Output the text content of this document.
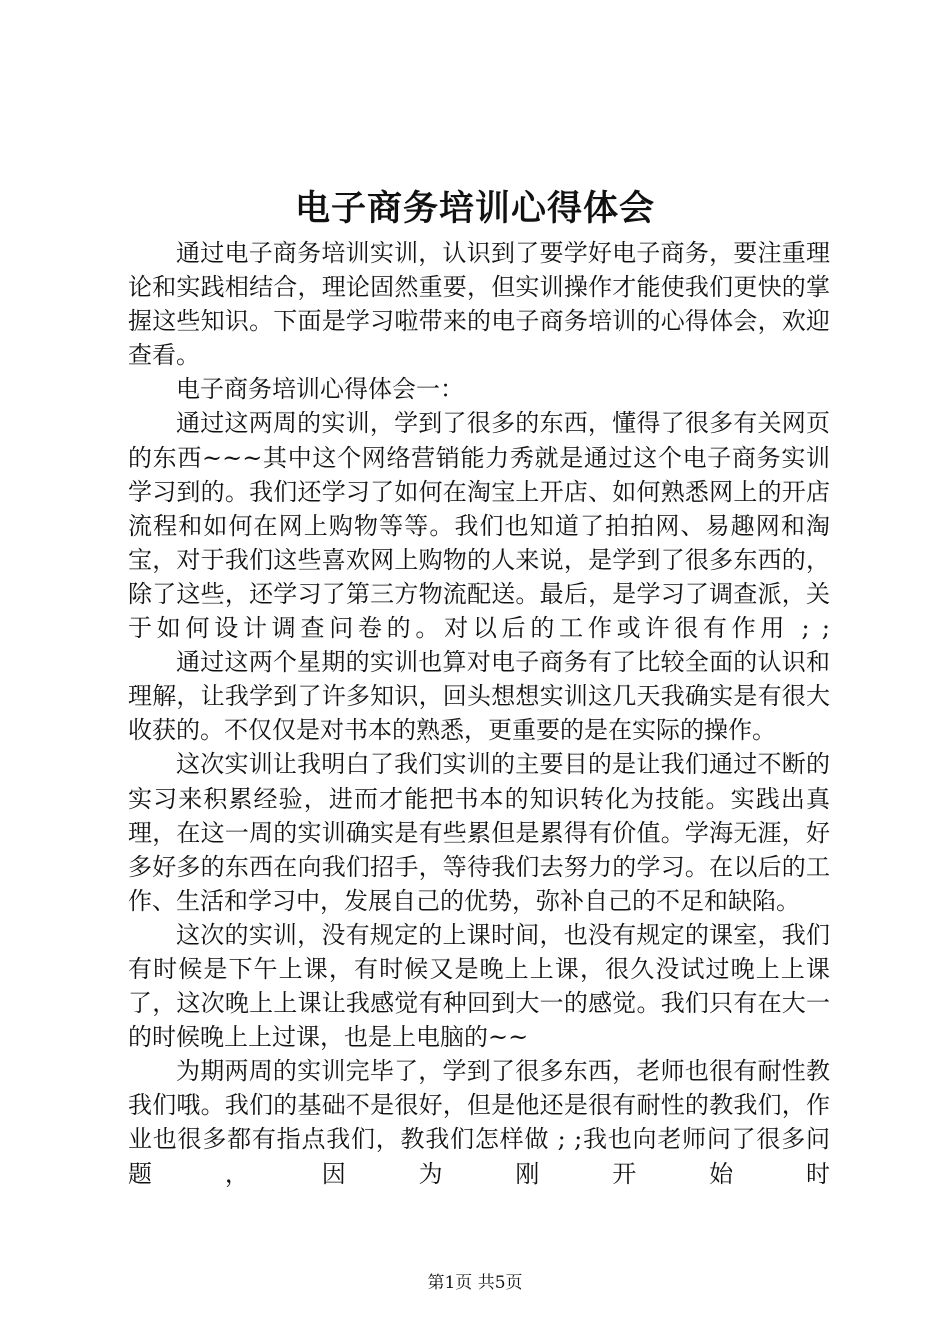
电子商务培训心得体会

通过电子商务培训实训，认识到了要学好电子商务，要注重理论和实践相结合，理论固然重要，但实训操作才能使我们更快的掌握这些知识。下面是学习啦带来的电子商务培训的心得体会，欢迎查看。

电子商务培训心得体会一：

通过这两周的实训，学到了很多的东西，懂得了很多有关网页的东西~~~其中这个网络营销能力秀就是通过这个电子商务实训学习到的。我们还学习了如何在淘宝上开店、如何熟悉网上的开店流程和如何在网上购物等等。我们也知道了拍拍网、易趣网和淘宝，对于我们这些喜欢网上购物的人来说，是学到了很多东西的，除了这些，还学习了第三方物流配送。最后，是学习了调查派，关于如何设计调查问卷的。对以后的工作或许很有作用 ; ;

通过这两个星期的实训也算对电子商务有了比较全面的认识和理解，让我学到了许多知识，回头想想实训这几天我确实是有很大收获的。不仅仅是对书本的熟悉，更重要的是在实际的操作。

这次实训让我明白了我们实训的主要目的是让我们通过不断的实习来积累经验，进而才能把书本的知识转化为技能。实践出真理，在这一周的实训确实是有些累但是累得有价值。学海无涯，好多好多的东西在向我们招手，等待我们去努力的学习。在以后的工作、生活和学习中，发展自己的优势，弥补自己的不足和缺陷。

这次的实训，没有规定的上课时间，也没有规定的课室，我们有时候是下午上课，有时候又是晚上上课，很久没试过晚上上课了，这次晚上上课让我感觉有种回到大一的感觉。我们只有在大一的时候晚上上过课，也是上电脑的~~

为期两周的实训完毕了，学到了很多东西，老师也很有耐性教我们哦。我们的基础不是很好，但是他还是很有耐性的教我们，作业也很多都有指点我们，教我们怎样做 ; ;我也向老师问了很多问题，因为刚开始时

第1页 共5页
